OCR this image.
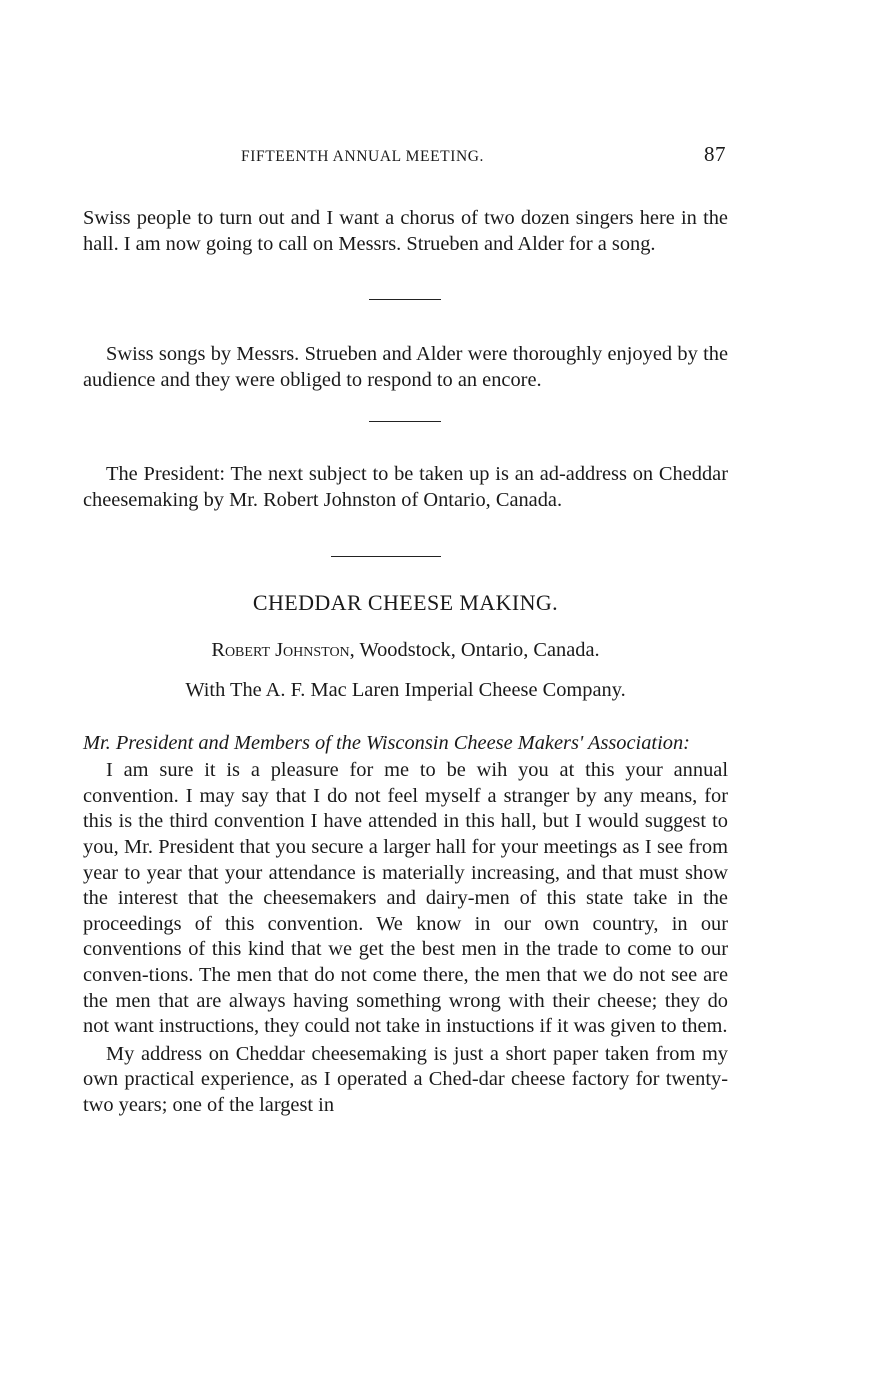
FIFTEENTH ANNUAL MEETING.	87

Swiss people to turn out and I want a chorus of two dozen singers here in the hall. I am now going to call on Messrs. Strueben and Alder for a song.

Swiss songs by Messrs. Strueben and Alder were thoroughly enjoyed by the audience and they were obliged to respond to an encore.

The President: The next subject to be taken up is an ad-address on Cheddar cheesemaking by Mr. Robert Johnston of Ontario, Canada.

CHEDDAR CHEESE MAKING.
Robert Johnston, Woodstock, Ontario, Canada.
With The A. F. Mac Laren Imperial Cheese Company.

Mr. President and Members of the Wisconsin Cheese Makers' Association:

I am sure it is a pleasure for me to be wih you at this your annual convention. I may say that I do not feel myself a stranger by any means, for this is the third convention I have attended in this hall, but I would suggest to you, Mr. President that you secure a larger hall for your meetings as I see from year to year that your attendance is materially increasing, and that must show the interest that the cheesemakers and dairy-men of this state take in the proceedings of this convention. We know in our own country, in our conventions of this kind that we get the best men in the trade to come to our conven-tions. The men that do not come there, the men that we do not see are the men that are always having something wrong with their cheese; they do not want instructions, they could not take in instuctions if it was given to them.

My address on Cheddar cheesemaking is just a short paper taken from my own practical experience, as I operated a Ched-dar cheese factory for twenty-two years; one of the largest in
